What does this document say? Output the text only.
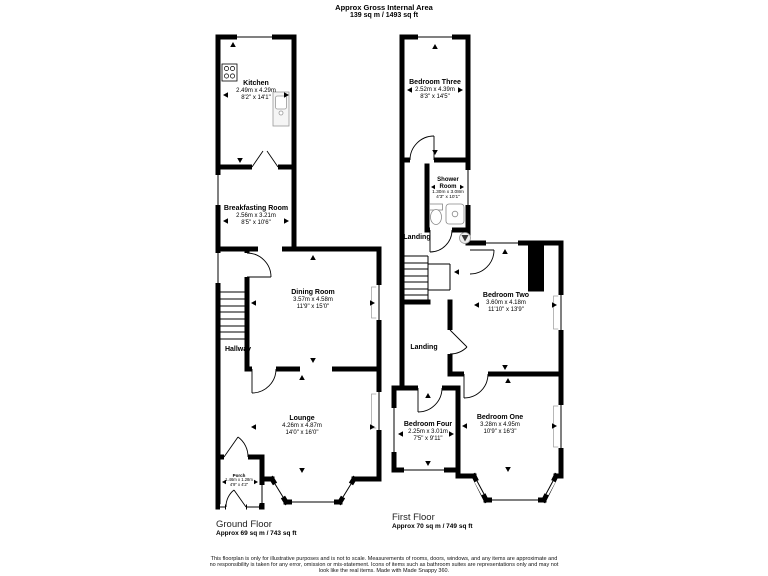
Approx Gross Internal Area
139 sq m / 1493 sq ft
Kitchen
2.49m x 4.29m
8'2" x 14'1"
Breakfasting Room
2.56m x 3.21m
8'5" x 10'6"
Dining Room
3.57m x 4.58m
11'9" x 15'0"
Hallway
Lounge
4.26m x 4.87m
14'0" x 16'0"
Porch
1.46m x 1.28m
4'9" x 4'2"
Bedroom Three
2.52m x 4.39m
8'3" x 14'5"
Shower Room
1.30m x 3.08m
4'3" x 10'1"
Landing
Bedroom Two
3.60m x 4.18m
11'10" x 13'9"
Landing
Bedroom Four
2.25m x 3.01m
7'5" x 9'11"
Bedroom One
3.28m x 4.95m
10'9" x 16'3"
Ground Floor
Approx 69 sq m / 743 sq ft
First Floor
Approx 70 sq m / 749 sq ft
This floorplan is only for illustrative purposes and is not to scale. Measurements of rooms, doors, windows, and any items are approximate and no responsibility is taken for any error, omission or mis-statement. Icons of items such as bathroom suites are representations only and may not look like the real items. Made with Made Snappy 360.
